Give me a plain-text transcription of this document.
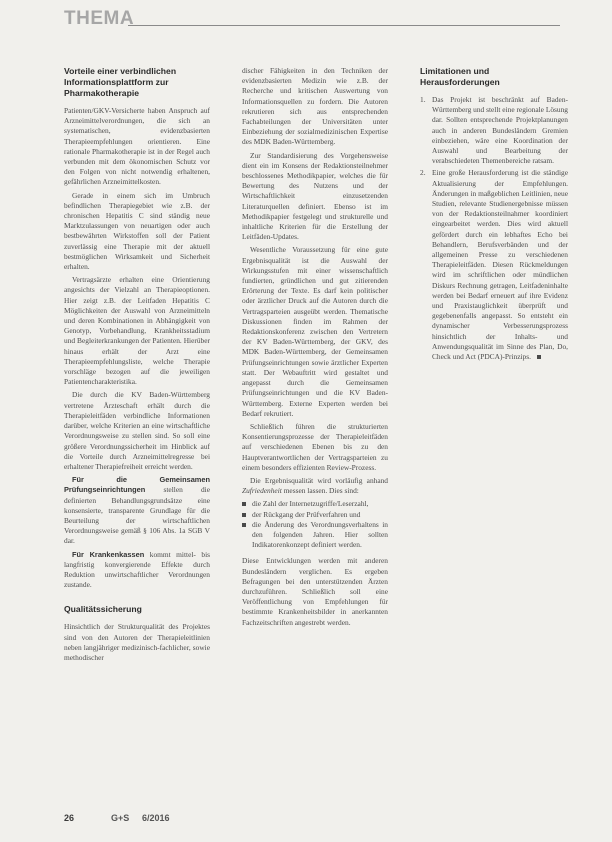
THEMA
Vorteile einer verbindlichen Informationsplattform zur Pharmakotherapie

Patienten/GKV-Versicherte haben Anspruch auf Arzneimittelverordnungen, die sich an systematischen, evidenzbasierten Therapieempfehlungen orientieren. Eine rationale Pharmakotherapie ist in der Regel auch verbunden mit dem ökonomischen Schutz vor den Folgen von nicht notwendig erhaltenen, gefährlichen Arzneimittelkosten.

Gerade in einem sich im Umbruch befindlichen Therapiegebiet wie z.B. der chronischen Hepatitis C sind ständig neue Marktzulassungen von neuartigen oder auch bestbewährten Wirkstoffen soll der Patient zuverlässig eine Therapie mit der aktuell bestmöglichen Wirksamkeit und Sicherheit erhalten.

Vertragsärzte erhalten eine Orientierung angesichts der Vielzahl an Therapieoptionen. Hier zeigt z.B. der Leitfaden Hepatitis C Möglichkeiten der Auswahl von Arzneimitteln und deren Kombinationen in Abhängigkeit von Genotyp, Vorbehandlung, Krankheitsstadium und Begleiterkrankungen der Patienten. Hierüber hinaus erhält der Arzt eine Therapieempfehlungsliste, welche Therapie vorschläge bezogen auf die jeweiligen Patientencharakteristika.

Die durch die KV Baden-Württemberg vertretene Ärzteschaft erhält durch die Therapieleitfäden verbindliche Informationen darüber, welche Kriterien an eine wirtschaftliche Verordnungsweise zu stellen sind. So soll eine größere Verordnungssicherheit im Hinblick auf die Vorteile durch Arzneimittelregresse bei erhaltener Therapiefreiheit erreicht werden.

Für die Gemeinsamen Prüfungseinrichtungen stellen die definierten Behandlungsgrundsätze eine konsensierte, transparente Grundlage für die Beurteilung der wirtschaftlichen Verordnungsweise gemäß § 106 Abs. 1a SGB V dar.

Für Krankenkassen kommt mittel- bis langfristig konvergierende Effekte durch Reduktion unwirtschaftlicher Verordnungen zustande.

Qualitätssicherung

Hinsichtlich der Strukturqualität des Projektes sind von den Autoren der Therapieleitlinien neben langjähriger medizinisch-fachlicher, sowie methodischer

discher Fähigkeiten in den Techniken der evidenzbasierten Medizin wie z.B. der Recherche und kritischen Auswertung von Informationsquellen zu fordern. Die Autoren rekrutieren sich aus entsprechenden Fachabteilungen der Universitäten unter Einbeziehung der sozialmedizinischen Expertise des MDK Baden-Württemberg.

Zur Standardisierung des Vorgehensweise dient ein im Konsens der Redaktionsteilnehmer beschlossenes Methodikpapier, welches die für Bewertung des Nutzens und der Wirtschaftlichkeit einzusetzenden Literaturquellen definiert. Ebenso ist im Methodikpapier festgelegt und strukturelle und inhaltliche Kriterien für die Erstellung der Leitfäden-Updates.

Wesentliche Voraussetzung für eine gute Ergebnisqualität ist die Auswahl der Wirkungsstufen mit einer wissenschaftlich fundierten, gründlichen und gut zitierenden Erörterung der Texte. Es darf kein politischer oder ärztlicher Druck auf die Autoren durch die Vertragsparteien ausgeübt werden. Thematische Diskussionen finden im Rahmen der Redaktionskonferenz zwischen den Vertretern der KV Baden-Württemberg, der GKV, des MDK Baden-Württemberg, der Gemeinsamen Prüfungseinrichtungen sowie ärztlicher Experten statt. Der Webauftritt wird gestaltet und angepasst durch die Gemeinsamen Prüfungseinrichtungen und die KV Baden-Württemberg. Externe Experten werden bei Bedarf rekrutiert.

Schließlich führen die strukturierten Konsentierungsprozesse der Therapieleitfäden auf verschiedenen Ebenen bis zu den Hauptverantwortlichen der Vertragsparteien zu einem besonders effizienten Review-Prozess.

Die Ergebnisqualität wird vorläufig anhand Zufriedenheit messen lassen. Dies sind:

die Zahl der Internetzugriffe/Leserzahl,
der Rückgang der Prüfverfahren und
die Änderung des Verordnungsverhaltens in den folgenden Jahren. Hier sollten Indikatorenkonzept definiert werden.

Diese Entwicklungen werden mit anderen Bundesländern verglichen. Es ergeben Befragungen bei den unterstützenden Ärzten durchzuführen. Schließlich soll eine Veröffentlichung von Empfehlungen für bestimmte Krankenheitsbilder in anerkannten Fachzeitschriften angestrebt werden.

Limitationen und Herausforderungen
1. Das Projekt ist beschränkt auf Baden-Württemberg und stellt eine regionale Lösung dar. Sollten entsprechende Projektplanungen auch in anderen Bundesländern Gremien einbeziehen, wäre eine Koordination der Auswahl und Bearbeitung der verabschiedeten Themenbereiche ratsam.
2. Eine große Herausforderung ist die ständige Aktualisierung der Empfehlungen. Änderungen in maßgeblichen Leitlinien, neue Studien, relevante Studienergebnisse müssen von der Redaktionsteilnahmer koordiniert eingearbeitet werden. Dies wird aktuell gefördert durch ein lebhaftes Echo bei Behandlern, Berufsverbänden und der allgemeinen Presse zu verschiedenen Therapieleitfäden. Diesen Rückmeldungen wird im schriftlichen oder mündlichen Diskurs Rechnung getragen, Leitfadeninhalte werden bei Bedarf erneuert auf ihre Evidenz und Praxistauglichkeit überprüft und gegebenenfalls angepasst. So entsteht ein dynamischer Verbesserungsprozess hinsichtlich der Inhalts- und Anwendungsqualität im Sinne des Plan, Do, Check und Act (PDCA)-Prinzips.
26	G+S 6/2016
